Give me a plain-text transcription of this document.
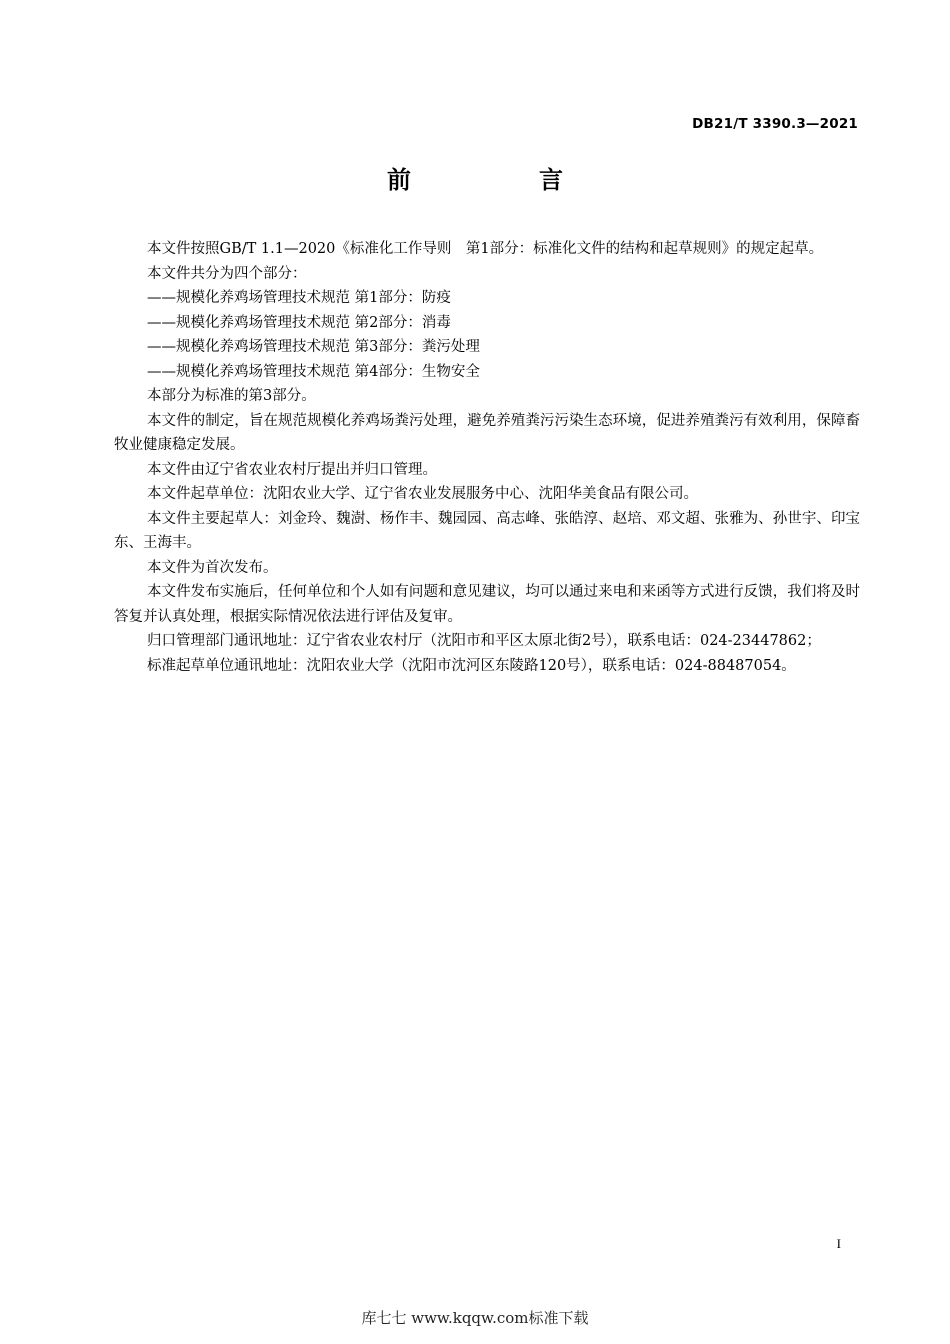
DB21/T 3390.3—2021
前　言

本文件按照GB/T 1.1—2020《标准化工作导则　第1部分：标准化文件的结构和起草规则》的规定起草。

本文件共分为四个部分：

——规模化养鸡场管理技术规范 第1部分：防疫

——规模化养鸡场管理技术规范 第2部分：消毒

——规模化养鸡场管理技术规范 第3部分：粪污处理

——规模化养鸡场管理技术规范 第4部分：生物安全

本部分为标准的第3部分。

本文件的制定，旨在规范规模化养鸡场粪污处理，避免养殖粪污污染生态环境，促进养殖粪污有效利用，保障畜牧业健康稳定发展。

本文件由辽宁省农业农村厅提出并归口管理。

本文件起草单位：沈阳农业大学、辽宁省农业发展服务中心、沈阳华美食品有限公司。

本文件主要起草人：刘金玲、魏澍、杨作丰、魏园园、高志峰、张皓淳、赵培、邓文超、张雅为、孙世宇、印宝东、王海丰。

本文件为首次发布。

本文件发布实施后，任何单位和个人如有问题和意见建议，均可以通过来电和来函等方式进行反馈，我们将及时答复并认真处理，根据实际情况依法进行评估及复审。

归口管理部门通讯地址：辽宁省农业农村厅（沈阳市和平区太原北街2号），联系电话：024-23447862；

标准起草单位通讯地址：沈阳农业大学（沈阳市沈河区东陵路120号），联系电话：024-88487054。

I
库七七 www.kqqw.com标准下载
